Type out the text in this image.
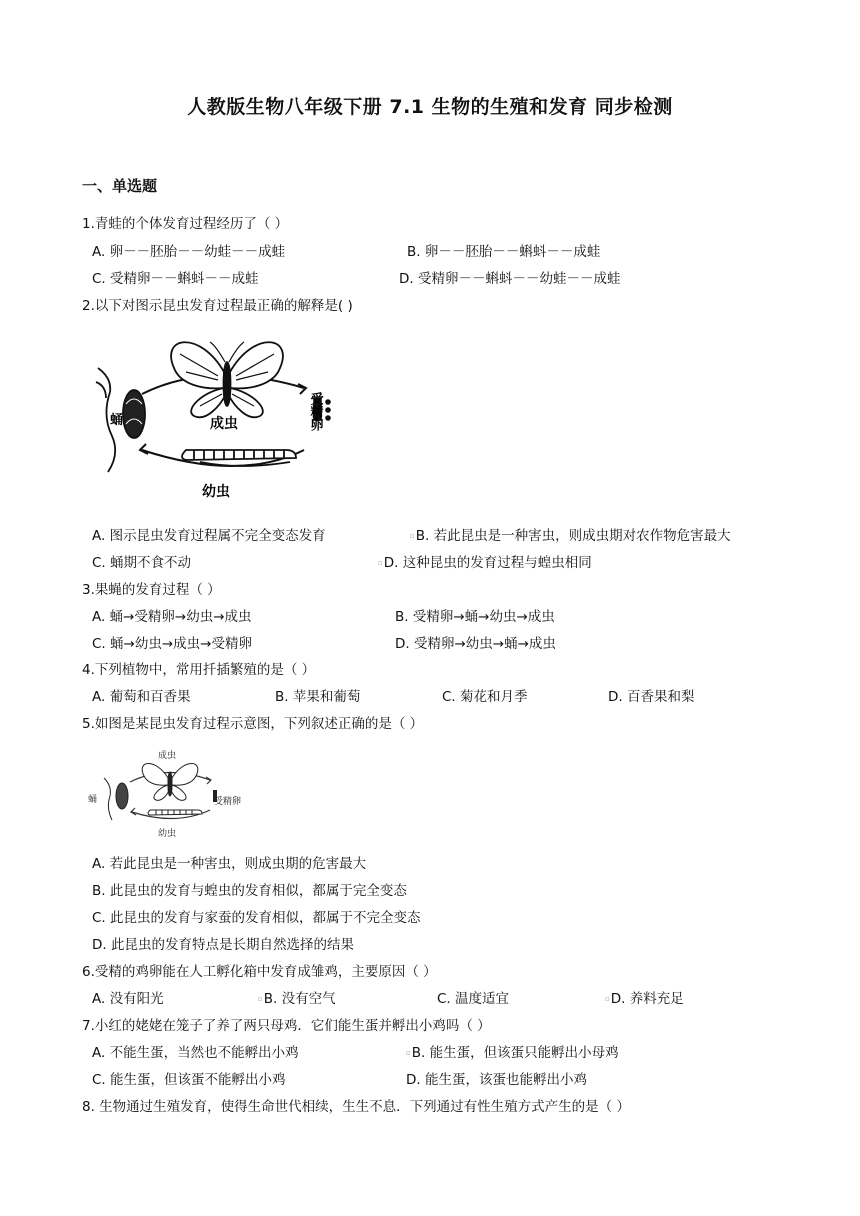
人教版生物八年级下册 7.1 生物的生殖和发育 同步检测
一、单选题
1.青蛙的个体发育过程经历了（ ）
A. 卵－－胚胎－－幼蛙－－成蛙	B. 卵－－胚胎－－蝌蚪－－成蛙
C. 受精卵－－蝌蚪－－成蛙	D. 受精卵－－蝌蚪－－幼蛙－－成蛙
2.以下对图示昆虫发育过程最正确的解释是( )
成虫
蛹	受精卵
幼虫
A. 图示昆虫发育过程属不完全变态发育	▫B. 若此昆虫是一种害虫，则成虫期对农作物危害最大
C. 蛹期不食不动	▫D. 这种昆虫的发育过程与蝗虫相同
3.果蝇的发育过程（ ）
A. 蛹→受精卵→幼虫→成虫	B. 受精卵→蛹→幼虫→成虫
C. 蛹→幼虫→成虫→受精卵	D. 受精卵→幼虫→蛹→成虫
4.下列植物中，常用扦插繁殖的是（ ）
A. 葡萄和百香果	B. 苹果和葡萄	C. 菊花和月季	D. 百香果和梨
5.如图是某昆虫发育过程示意图，下列叙述正确的是（ ）
成虫
蛹	受精卵
幼虫
A. 若此昆虫是一种害虫，则成虫期的危害最大
B. 此昆虫的发育与蝗虫的发育相似，都属于完全变态
C. 此昆虫的发育与家蚕的发育相似，都属于不完全变态
D. 此昆虫的发育特点是长期自然选择的结果
6.受精的鸡卵能在人工孵化箱中发育成雏鸡，主要原因（ ）
A. 没有阳光	▫B. 没有空气	C. 温度适宜	▫D. 养料充足
7.小红的姥姥在笼子了养了两只母鸡．它们能生蛋并孵出小鸡吗（ ）
A. 不能生蛋，当然也不能孵出小鸡	▫B. 能生蛋，但该蛋只能孵出小母鸡
C. 能生蛋，但该蛋不能孵出小鸡	D. 能生蛋，该蛋也能孵出小鸡
8. 生物通过生殖发育，使得生命世代相续，生生不息．下列通过有性生殖方式产生的是（ ）
